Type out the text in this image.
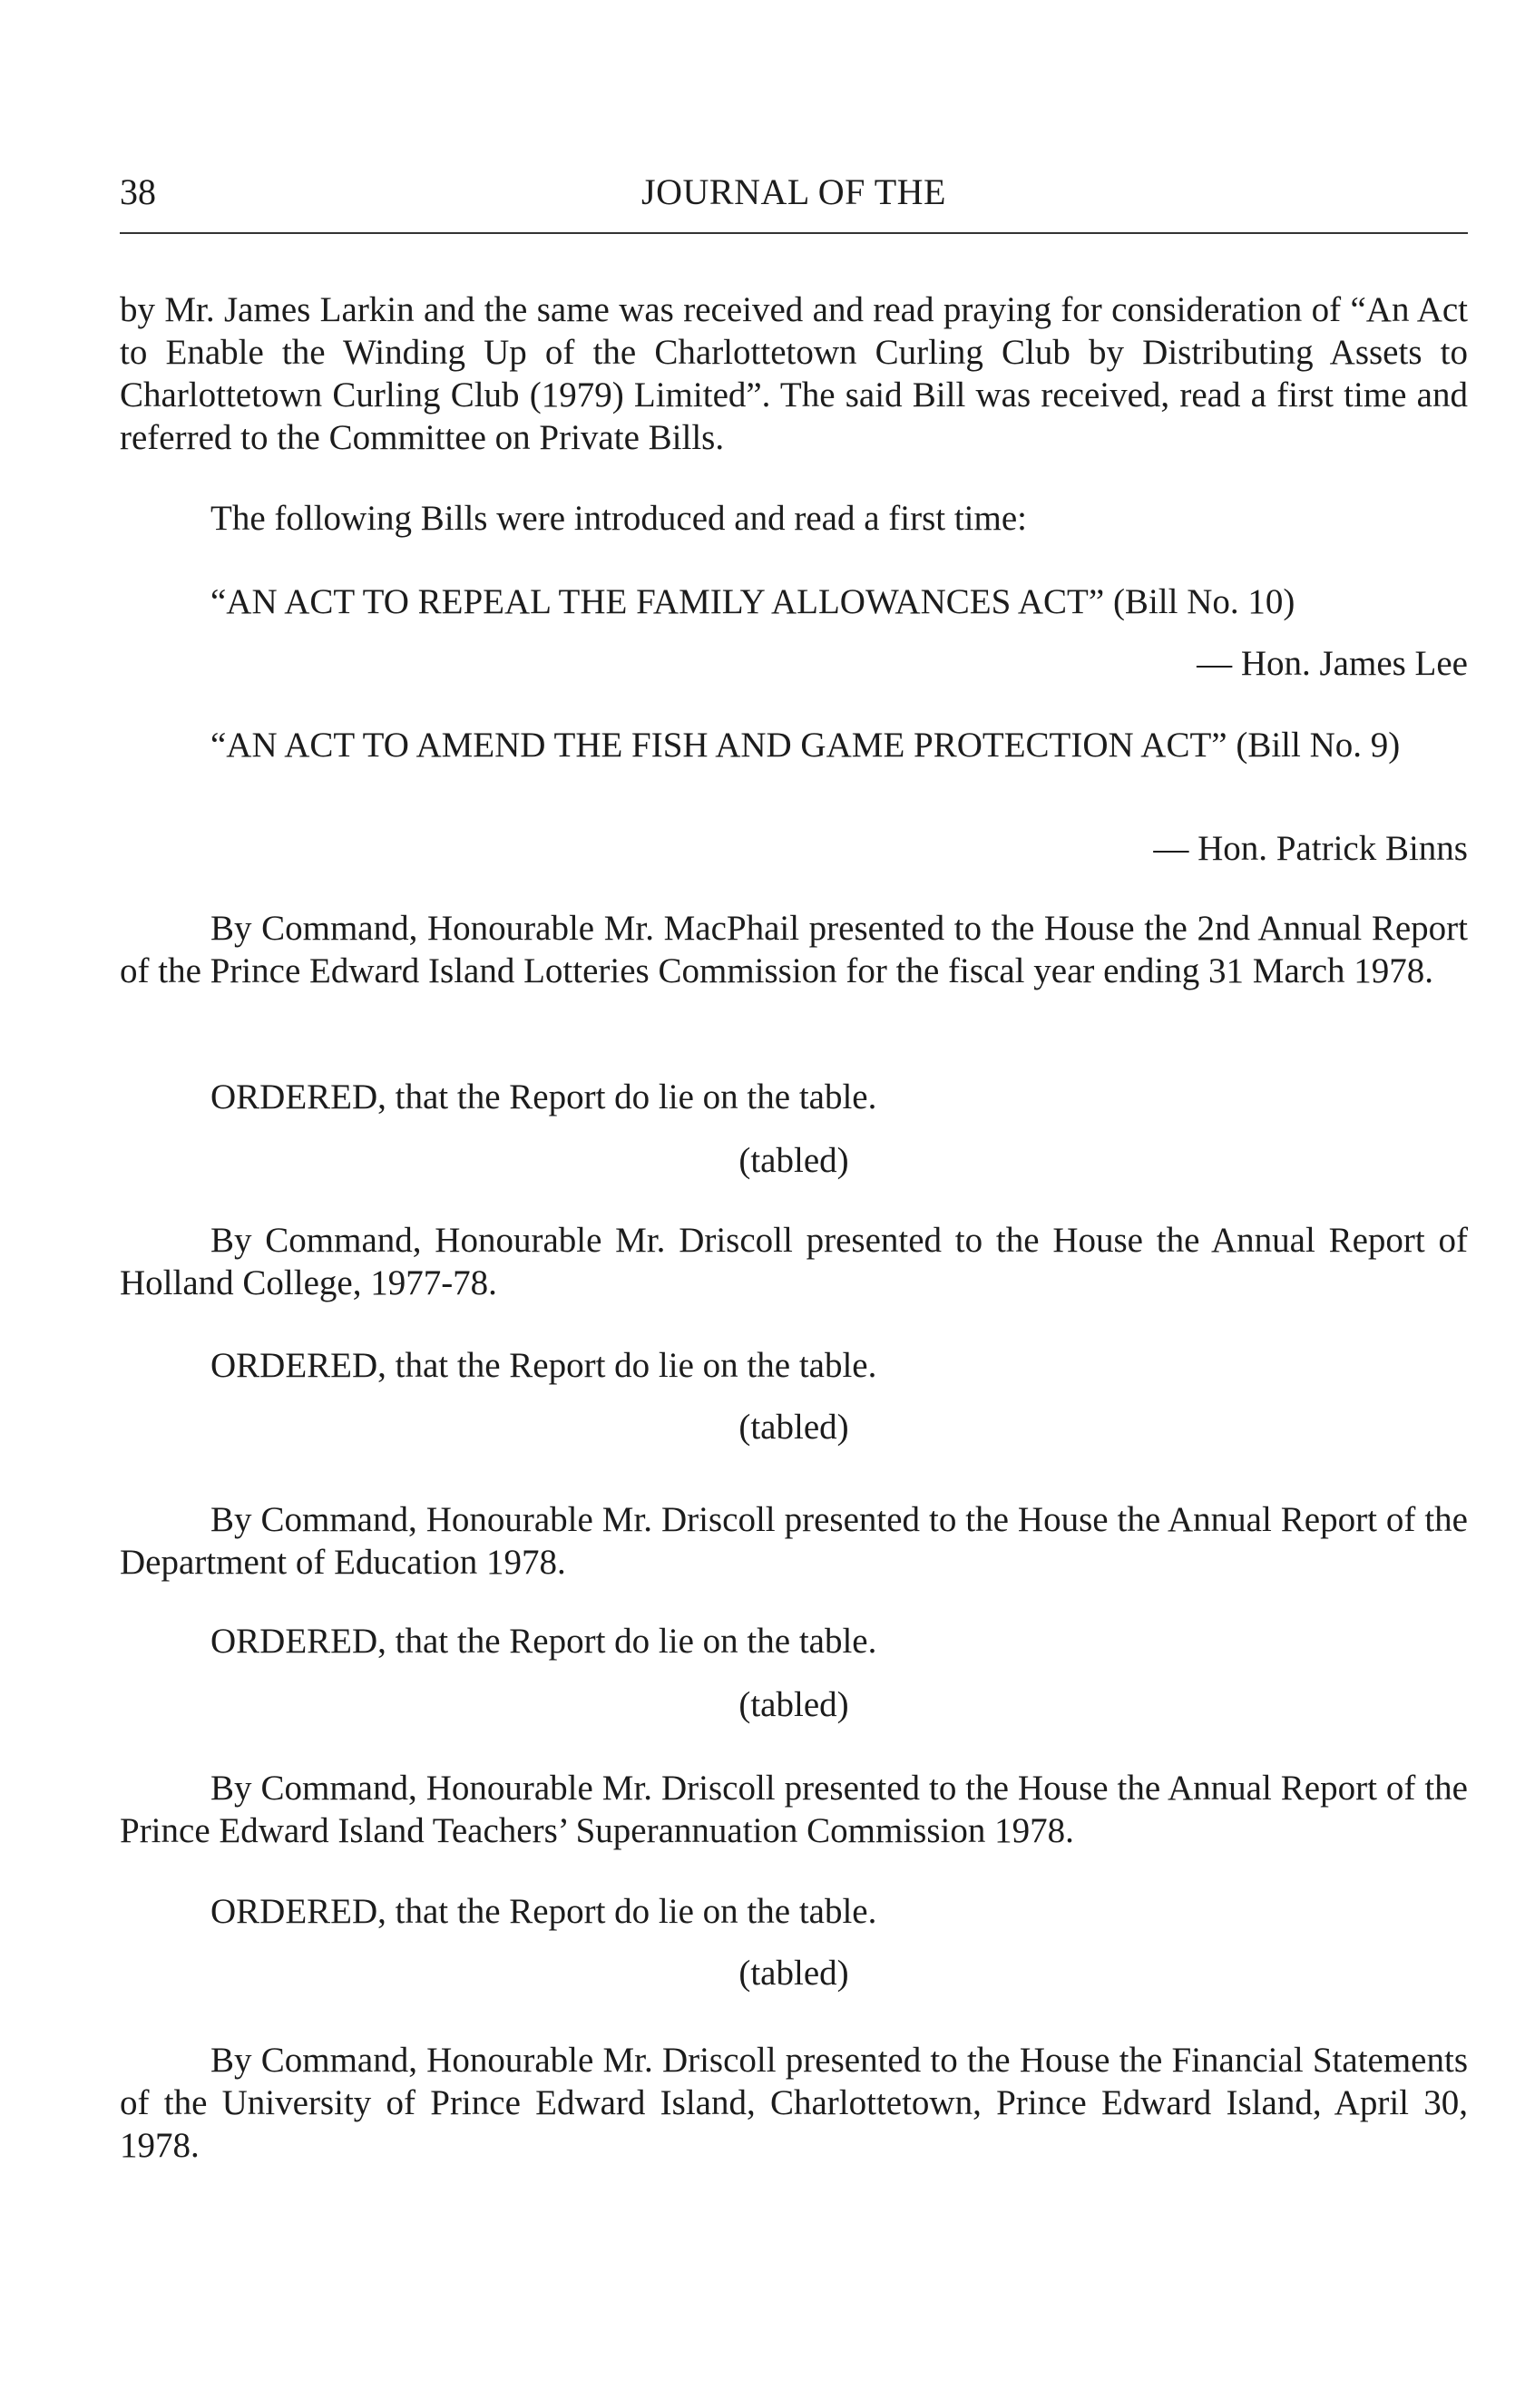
38	JOURNAL OF THE
by Mr. James Larkin and the same was received and read praying for consideration of “An Act to Enable the Winding Up of the Charlottetown Curling Club by Distributing Assets to Charlottetown Curling Club (1979) Limited”. The said Bill was received, read a first time and referred to the Committee on Private Bills.
The following Bills were introduced and read a first time:
“AN ACT TO REPEAL THE FAMILY ALLOWANCES ACT” (Bill No. 10)
— Hon. James Lee
“AN ACT TO AMEND THE FISH AND GAME PROTECTION ACT” (Bill No. 9)
— Hon. Patrick Binns
By Command, Honourable Mr. MacPhail presented to the House the 2nd Annual Report of the Prince Edward Island Lotteries Commission for the fiscal year ending 31 March 1978.
ORDERED, that the Report do lie on the table.
(tabled)
By Command, Honourable Mr. Driscoll presented to the House the Annual Report of Holland College, 1977-78.
ORDERED, that the Report do lie on the table.
(tabled)
By Command, Honourable Mr. Driscoll presented to the House the Annual Report of the Department of Education 1978.
ORDERED, that the Report do lie on the table.
(tabled)
By Command, Honourable Mr. Driscoll presented to the House the Annual Report of the Prince Edward Island Teachers’ Superannuation Commission 1978.
ORDERED, that the Report do lie on the table.
(tabled)
By Command, Honourable Mr. Driscoll presented to the House the Financial Statements of the University of Prince Edward Island, Charlottetown, Prince Edward Island, April 30, 1978.
